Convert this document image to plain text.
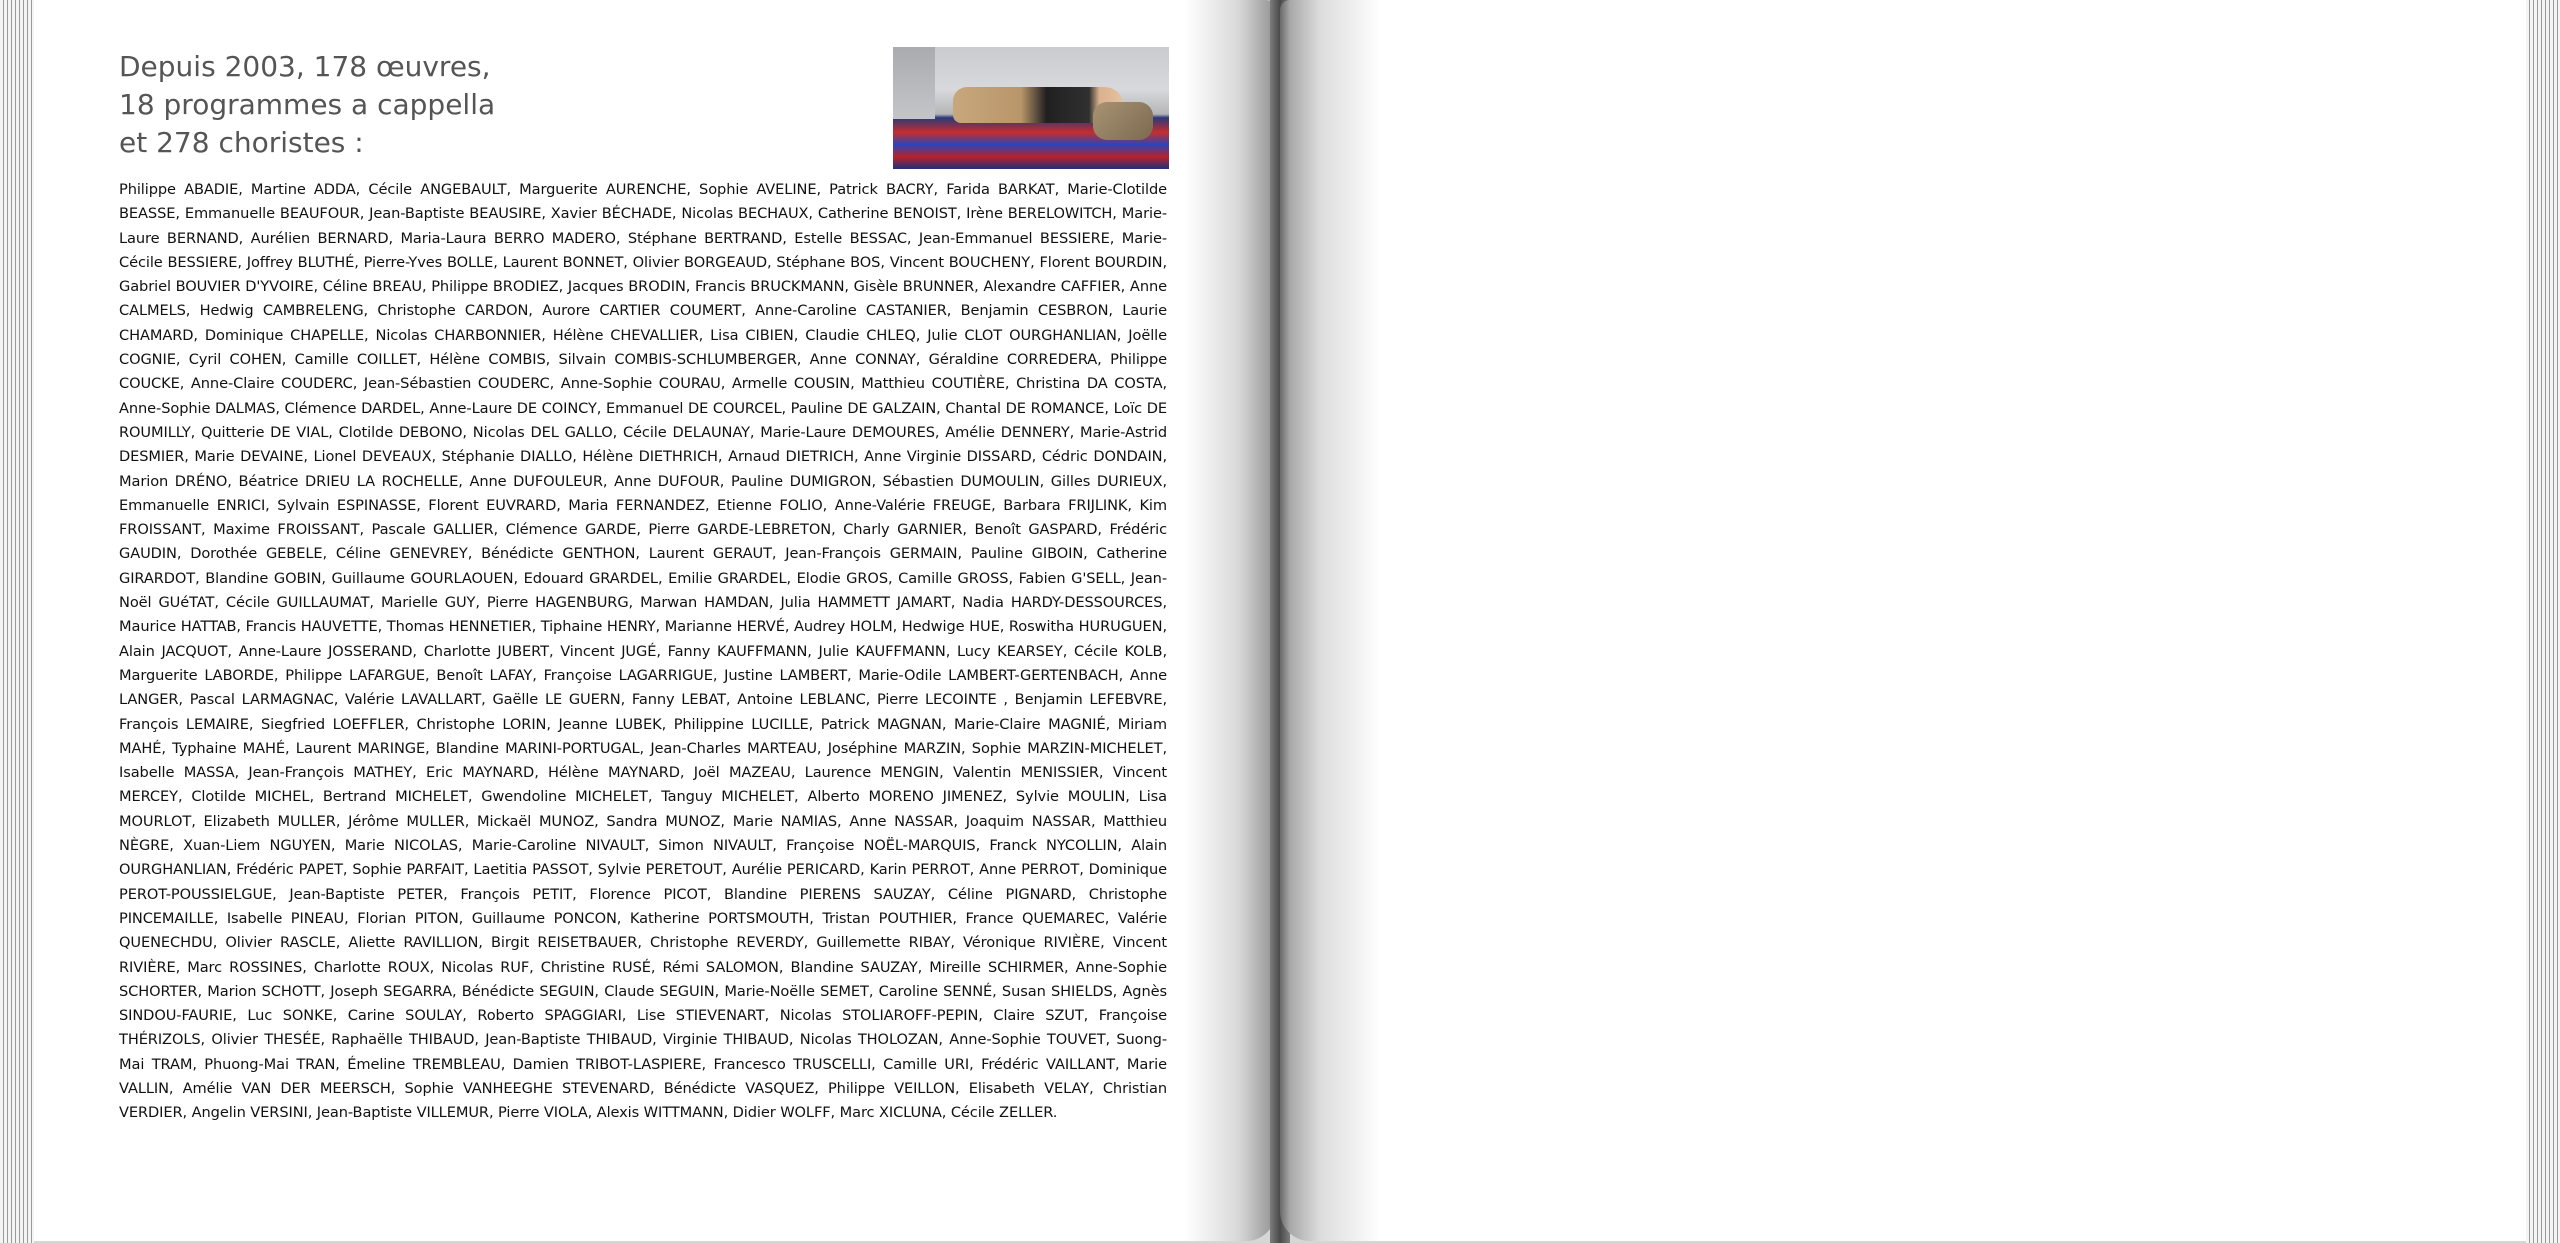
Depuis 2003, 178 œuvres,
18 programmes a cappella
et 278 choristes :

Philippe ABADIE, Martine ADDA, Cécile ANGEBAULT, Marguerite AURENCHE, Sophie AVELINE, Patrick BACRY, Farida BARKAT, Marie-Clotilde BEASSE, Emmanuelle BEAUFOUR, Jean-Baptiste BEAUSIRE, Xavier BÉCHADE, Nicolas BECHAUX, Catherine BENOIST, Irène BERELOWITCH, Marie-Laure BERNAND, Aurélien BERNARD, Maria-Laura BERRO MADERO, Stéphane BERTRAND, Estelle BESSAC, Jean-Emmanuel BESSIERE, Marie-Cécile BESSIERE, Joffrey BLUTHÉ, Pierre-Yves BOLLE, Laurent BONNET, Olivier BORGEAUD, Stéphane BOS, Vincent BOUCHENY, Florent BOURDIN, Gabriel BOUVIER D'YVOIRE, Céline BREAU, Philippe BRODIEZ, Jacques BRODIN, Francis BRUCKMANN, Gisèle BRUNNER, Alexandre CAFFIER, Anne CALMELS, Hedwig CAMBRELENG, Christophe CARDON, Aurore CARTIER COUMERT, Anne-Caroline CASTANIER, Benjamin CESBRON, Laurie CHAMARD, Dominique CHAPELLE, Nicolas CHARBONNIER, Hélène CHEVALLIER, Lisa CIBIEN, Claudie CHLEQ, Julie CLOT OURGHANLIAN, Joëlle COGNIE, Cyril COHEN, Camille COILLET, Hélène COMBIS, Silvain COMBIS-SCHLUMBERGER, Anne CONNAY, Géraldine CORREDERA, Philippe COUCKE, Anne-Claire COUDERC, Jean-Sébastien COUDERC, Anne-Sophie COURAU, Armelle COUSIN, Matthieu COUTIÈRE, Christina DA COSTA, Anne-Sophie DALMAS, Clémence DARDEL, Anne-Laure DE COINCY, Emmanuel DE COURCEL, Pauline DE GALZAIN, Chantal DE ROMANCE, Loïc DE ROUMILLY, Quitterie DE VIAL, Clotilde DEBONO, Nicolas DEL GALLO, Cécile DELAUNAY, Marie-Laure DEMOURES, Amélie DENNERY, Marie-Astrid DESMIER, Marie DEVAINE, Lionel DEVEAUX, Stéphanie DIALLO, Hélène DIETHRICH, Arnaud DIETRICH, Anne Virginie DISSARD, Cédric DONDAIN, Marion DRÉNO, Béatrice DRIEU LA ROCHELLE, Anne DUFOULEUR, Anne DUFOUR, Pauline DUMIGRON, Sébastien DUMOULIN, Gilles DURIEUX, Emmanuelle ENRICI, Sylvain ESPINASSE, Florent EUVRARD, Maria FERNANDEZ, Etienne FOLIO, Anne-Valérie FREUGE, Barbara FRIJLINK, Kim FROISSANT, Maxime FROISSANT, Pascale GALLIER, Clémence GARDE, Pierre GARDE-LEBRETON, Charly GARNIER, Benoît GASPARD, Frédéric GAUDIN, Dorothée GEBELE, Céline GENEVREY, Bénédicte GENTHON, Laurent GERAUT, Jean-François GERMAIN, Pauline GIBOIN, Catherine GIRARDOT, Blandine GOBIN, Guillaume GOURLAOUEN, Edouard GRARDEL, Emilie GRARDEL, Elodie GROS, Camille GROSS, Fabien G'SELL, Jean-Noël GUéTAT, Cécile GUILLAUMAT, Marielle GUY, Pierre HAGENBURG, Marwan HAMDAN, Julia HAMMETT JAMART, Nadia HARDY-DESSOURCES, Maurice HATTAB, Francis HAUVETTE, Thomas HENNETIER, Tiphaine HENRY, Marianne HERVÉ, Audrey HOLM, Hedwige HUE, Roswitha HURUGUEN, Alain JACQUOT, Anne-Laure JOSSERAND, Charlotte JUBERT, Vincent JUGÉ, Fanny KAUFFMANN, Julie KAUFFMANN, Lucy KEARSEY, Cécile KOLB, Marguerite LABORDE, Philippe LAFARGUE, Benoît LAFAY, Françoise LAGARRIGUE, Justine LAMBERT, Marie-Odile LAMBERT-GERTENBACH, Anne LANGER, Pascal LARMAGNAC, Valérie LAVALLART, Gaëlle LE GUERN, Fanny LEBAT, Antoine LEBLANC, Pierre LECOINTE , Benjamin LEFEBVRE, François LEMAIRE, Siegfried LOEFFLER, Christophe LORIN, Jeanne LUBEK, Philippine LUCILLE, Patrick MAGNAN, Marie-Claire MAGNIÉ, Miriam MAHÉ, Typhaine MAHÉ, Laurent MARINGE, Blandine MARINI-PORTUGAL, Jean-Charles MARTEAU, Joséphine MARZIN, Sophie MARZIN-MICHELET, Isabelle MASSA, Jean-François MATHEY, Eric MAYNARD, Hélène MAYNARD, Joël MAZEAU, Laurence MENGIN, Valentin MENISSIER, Vincent MERCEY, Clotilde MICHEL, Bertrand MICHELET, Gwendoline MICHELET, Tanguy MICHELET, Alberto MORENO JIMENEZ, Sylvie MOULIN, Lisa MOURLOT, Elizabeth MULLER, Jérôme MULLER, Mickaël MUNOZ, Sandra MUNOZ, Marie NAMIAS, Anne NASSAR, Joaquim NASSAR, Matthieu NÈGRE, Xuan-Liem NGUYEN, Marie NICOLAS, Marie-Caroline NIVAULT, Simon NIVAULT, Françoise NOËL-MARQUIS, Franck NYCOLLIN, Alain OURGHANLIAN, Frédéric PAPET, Sophie PARFAIT, Laetitia PASSOT, Sylvie PERETOUT, Aurélie PERICARD, Karin PERROT, Anne PERROT, Dominique PEROT-POUSSIELGUE, Jean-Baptiste PETER, François PETIT, Florence PICOT, Blandine PIERENS SAUZAY, Céline PIGNARD, Christophe PINCEMAILLE, Isabelle PINEAU, Florian PITON, Guillaume PONCON, Katherine PORTSMOUTH, Tristan POUTHIER, France QUEMAREC, Valérie QUENECHDU, Olivier RASCLE, Aliette RAVILLION, Birgit REISETBAUER, Christophe REVERDY, Guillemette RIBAY, Véronique RIVIÈRE, Vincent RIVIÈRE, Marc ROSSINES, Charlotte ROUX, Nicolas RUF, Christine RUSÉ, Rémi SALOMON, Blandine SAUZAY, Mireille SCHIRMER, Anne-Sophie SCHORTER, Marion SCHOTT, Joseph SEGARRA, Bénédicte SEGUIN, Claude SEGUIN, Marie-Noëlle SEMET, Caroline SENNÉ, Susan SHIELDS, Agnès SINDOU-FAURIE, Luc SONKE, Carine SOULAY, Roberto SPAGGIARI, Lise STIEVENART, Nicolas STOLIAROFF-PEPIN, Claire SZUT, Françoise THÉRIZOLS, Olivier THESÉE, Raphaëlle THIBAUD, Jean-Baptiste THIBAUD, Virginie THIBAUD, Nicolas THOLOZAN, Anne-Sophie TOUVET, Suong-Mai TRAM, Phuong-Mai TRAN, Émeline TREMBLEAU, Damien TRIBOT-LASPIERE, Francesco TRUSCELLI, Camille URI, Frédéric VAILLANT, Marie VALLIN, Amélie VAN DER MEERSCH, Sophie VANHEEGHE STEVENARD, Bénédicte VASQUEZ, Philippe VEILLON, Elisabeth VELAY, Christian VERDIER, Angelin VERSINI, Jean-Baptiste VILLEMUR, Pierre VIOLA, Alexis WITTMANN, Didier WOLFF, Marc XICLUNA, Cécile ZELLER.
